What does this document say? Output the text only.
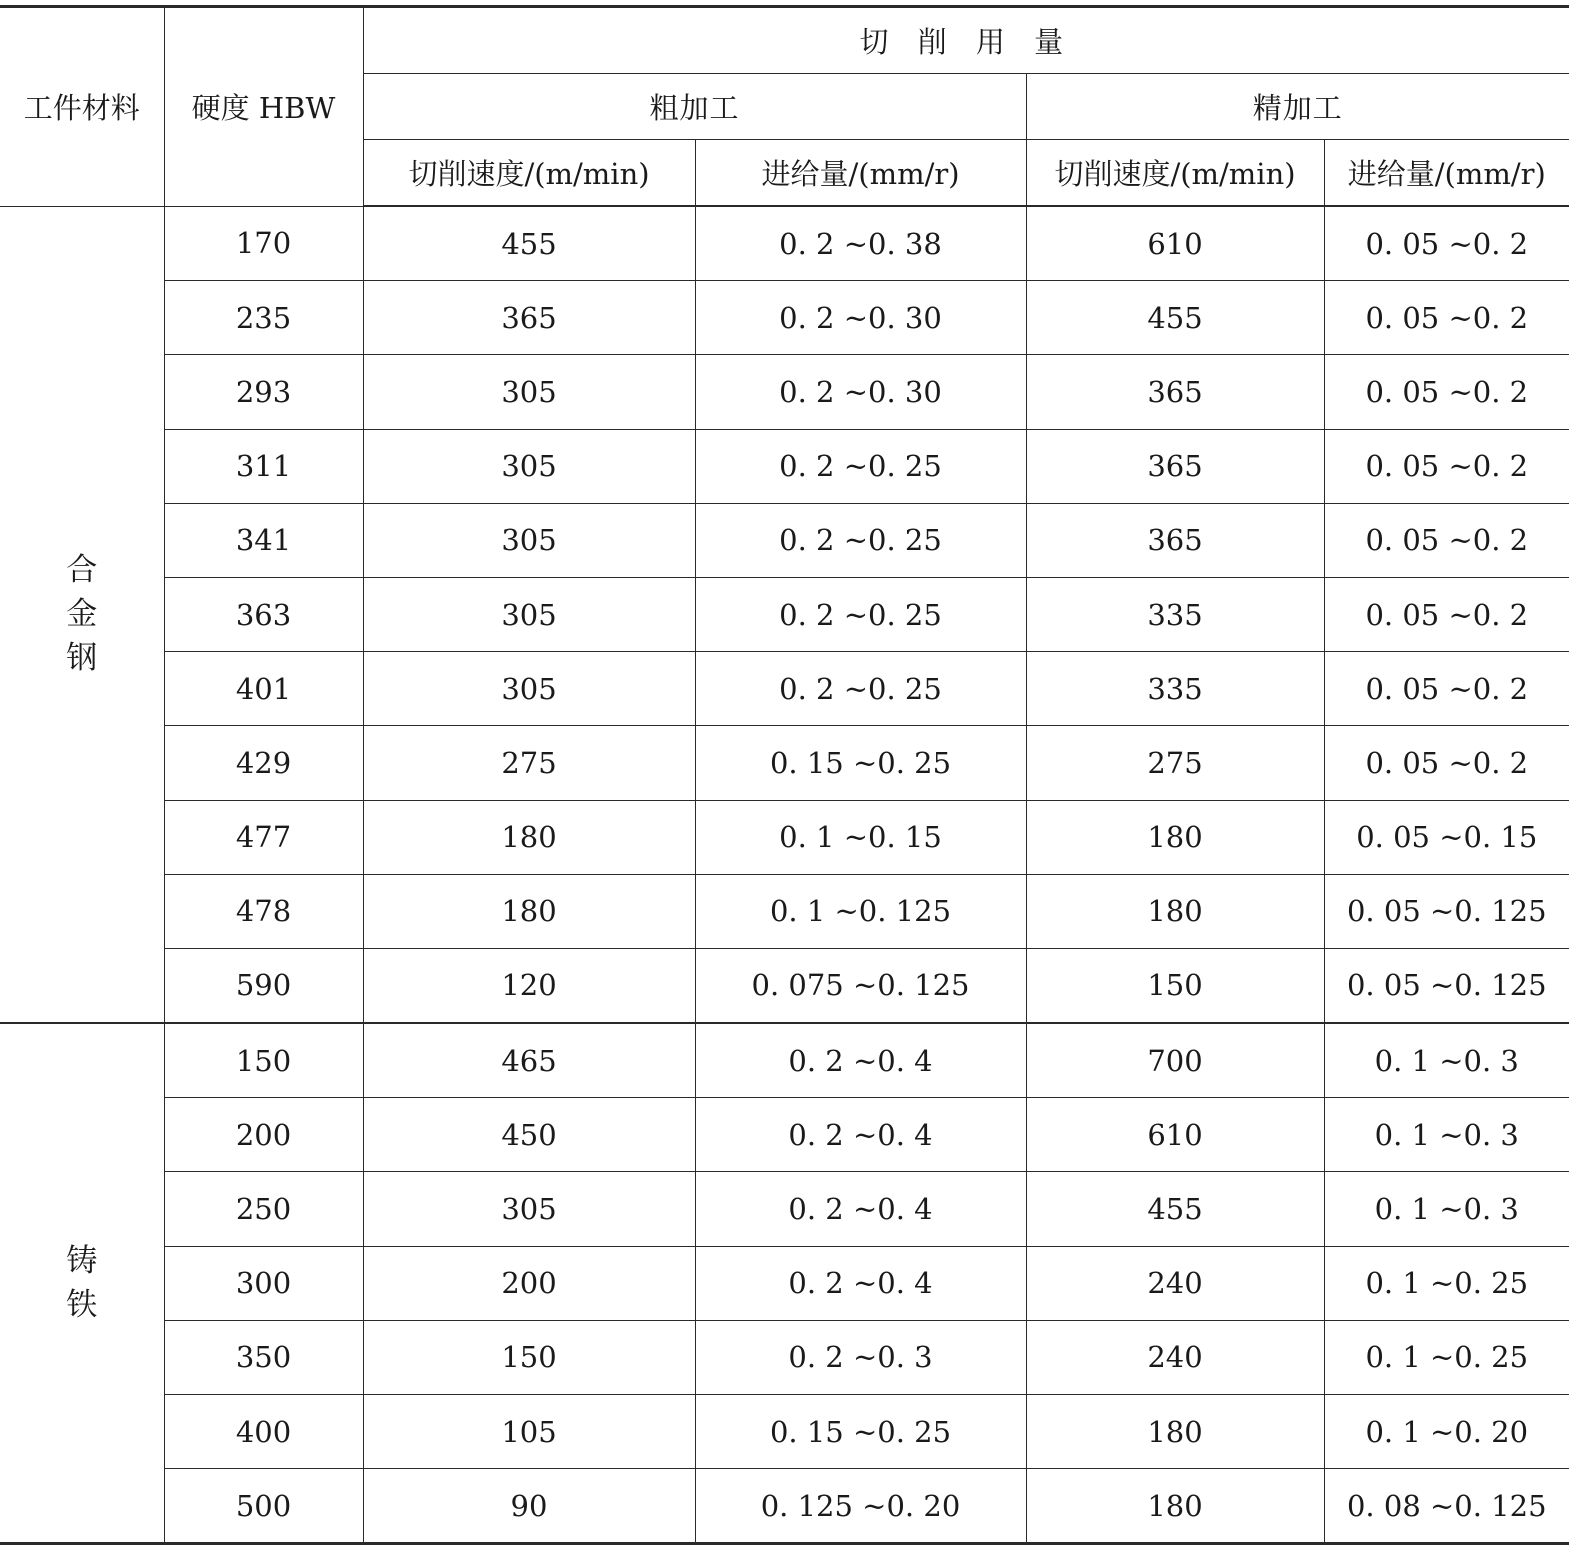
工件材料	硬度 HBW	切 削 用 量			
		粗加工		精加工	
		切削速度/(m/min)	进给量/(mm/r)	切削速度/(m/min)	进给量/(mm/r)

合
金
钢	170	455	0. 2 ~0. 38	610	0. 05 ~0. 2
	235	365	0. 2 ~0. 30	455	0. 05 ~0. 2
	293	305	0. 2 ~0. 30	365	0. 05 ~0. 2
	311	305	0. 2 ~0. 25	365	0. 05 ~0. 2
	341	305	0. 2 ~0. 25	365	0. 05 ~0. 2
	363	305	0. 2 ~0. 25	335	0. 05 ~0. 2
	401	305	0. 2 ~0. 25	335	0. 05 ~0. 2
	429	275	0. 15 ~0. 25	275	0. 05 ~0. 2
	477	180	0. 1 ~0. 15	180	0. 05 ~0. 15
	478	180	0. 1 ~0. 125	180	0. 05 ~0. 125
	590	120	0. 075 ~0. 125	150	0. 05 ~0. 125

铸
铁	150	465	0. 2 ~0. 4	700	0. 1 ~0. 3
	200	450	0. 2 ~0. 4	610	0. 1 ~0. 3
	250	305	0. 2 ~0. 4	455	0. 1 ~0. 3
	300	200	0. 2 ~0. 4	240	0. 1 ~0. 25
	350	150	0. 2 ~0. 3	240	0. 1 ~0. 25
	400	105	0. 15 ~0. 25	180	0. 1 ~0. 20
	500	90	0. 125 ~0. 20	180	0. 08 ~0. 125
